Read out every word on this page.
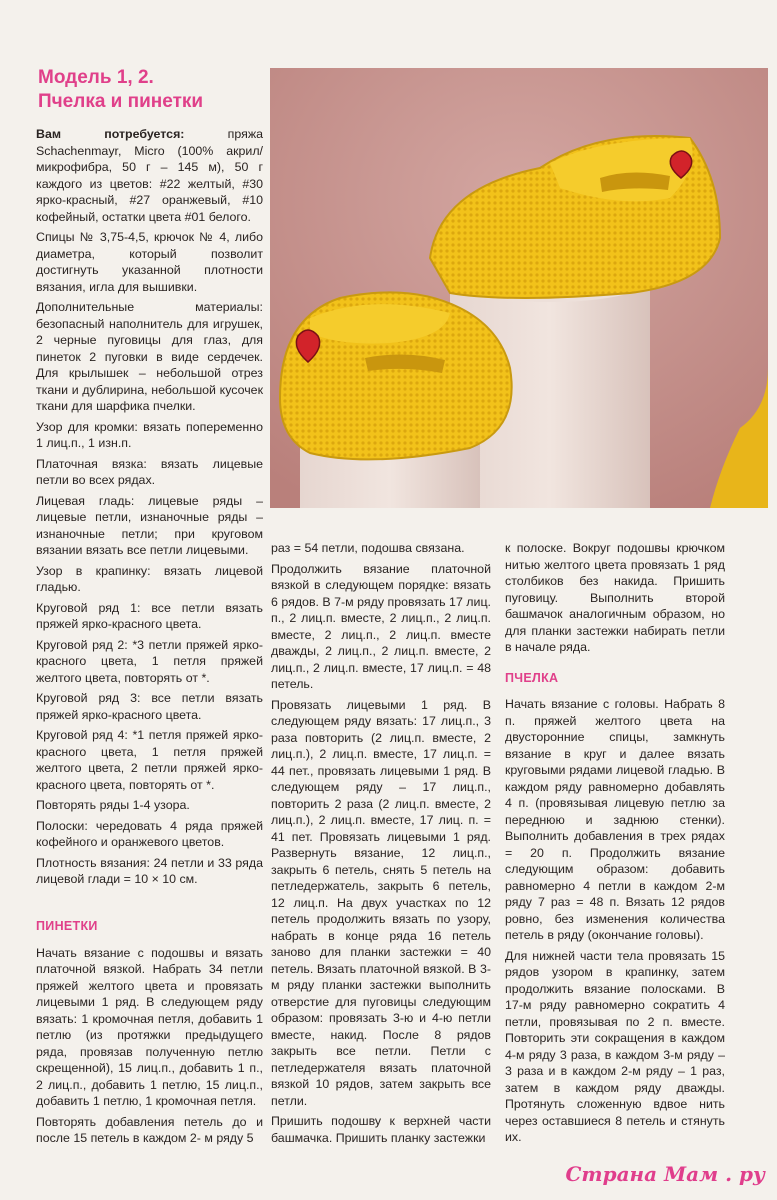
Модель 1, 2.
Пчелка и пинетки

Вам потребуется: пряжа Schachenmayr, Micro (100% акрил/микрофибра, 50 г – 145 м), 50 г каждого из цветов: #22 желтый, #30 ярко-красный, #27 оранжевый, #10 кофейный, остатки цвета #01 белого.

Спицы № 3,75-4,5, крючок № 4, либо диаметра, который позволит достигнуть указанной плотности вязания, игла для вышивки.

Дополнительные материалы: безопасный наполнитель для игрушек, 2 черные пуговицы для глаз, для пинеток 2 пуговки в виде сердечек. Для крылышек – небольшой отрез ткани и дублирина, небольшой кусочек ткани для шарфика пчелки.

Узор для кромки: вязать попеременно 1 лиц.п., 1 изн.п.

Платочная вязка: вязать лицевые петли во всех рядах.

Лицевая гладь: лицевые ряды – лицевые петли, изнаночные ряды – изнаночные петли; при круговом вязании вязать все петли лицевыми.

Узор в крапинку: вязать лицевой гладью.

Круговой ряд 1: все петли вязать пряжей ярко-красного цвета.

Круговой ряд 2: *3 петли пряжей ярко-красного цвета, 1 петля пряжей желтого цвета, повторять от *.

Круговой ряд 3: все петли вязать пряжей ярко-красного цвета.

Круговой ряд 4: *1 петля пряжей ярко-красного цвета, 1 петля пряжей желтого цвета, 2 петли пряжей ярко-красного цвета, повторять от *.

Повторять ряды 1-4 узора.

Полоски: чередовать 4 ряда пряжей кофейного и оранжевого цветов.

Плотность вязания: 24 петли и 33 ряда лицевой глади = 10 × 10 см.

ПИНЕТКИ

Начать вязание с подошвы и вязать платочной вязкой. Набрать 34 петли пряжей желтого цвета и провязать лицевыми 1 ряд. В следующем ряду вязать: 1 кромочная петля, добавить 1 петлю (из протяжки предыдущего ряда, провязав полученную петлю скрещенной), 15 лиц.п., добавить 1 п., 2 лиц.п., добавить 1 петлю, 15 лиц.п., добавить 1 петлю, 1 кромочная петля.

Повторять добавления петель до и после 15 петель в каждом 2- м ряду 5

раз = 54 петли, подошва связана.

Продолжить вязание платочной вязкой в следующем порядке: вязать 6 рядов. В 7-м ряду провязать 17 лиц. п., 2 лиц.п. вместе, 2 лиц.п., 2 лиц.п. вместе, 2 лиц.п., 2 лиц.п. вместе дважды, 2 лиц.п., 2 лиц.п. вместе, 2 лиц.п., 2 лиц.п. вместе, 17 лиц.п. = 48 петель.

Провязать лицевыми 1 ряд. В следующем ряду вязать: 17 лиц.п., 3 раза повторить (2 лиц.п. вместе, 2 лиц.п.), 2 лиц.п. вместе, 17 лиц.п. = 44 пет., провязать лицевыми 1 ряд. В следующем ряду – 17 лиц.п., повторить 2 раза (2 лиц.п. вместе, 2 лиц.п.), 2 лиц.п. вместе, 17 лиц. п. = 41 пет. Провязать лицевыми 1 ряд. Развернуть вязание, 12 лиц.п., закрыть 6 петель, снять 5 петель на петледержатель, закрыть 6 петель, 12 лиц.п. На двух участках по 12 петель продолжить вязать по узору, набрать в конце ряда 16 петель заново для планки застежки = 40 петель. Вязать платочной вязкой. В 3-м ряду планки застежки выполнить отверстие для пуговицы следующим образом: провязать 3-ю и 4-ю петли вместе, накид. После 8 рядов закрыть все петли. Петли с петледержателя вязать платочной вязкой 10 рядов, затем закрыть все петли.

Пришить подошву к верхней части башмачка. Пришить планку застежки

к полоске. Вокруг подошвы крючком нитью желтого цвета провязать 1 ряд столбиков без накида. Пришить пуговицу. Выполнить второй башмачок аналогичным образом, но для планки застежки набирать петли в начале ряда.

ПЧЕЛКА

Начать вязание с головы. Набрать 8 п. пряжей желтого цвета на двусторонние спицы, замкнуть вязание в круг и далее вязать круговыми рядами лицевой гладью. В каждом ряду равномерно добавлять 4 п. (провязывая лицевую петлю за переднюю и заднюю стенки). Выполнить добавления в трех рядах = 20 п. Продолжить вязание следующим образом: добавить равномерно 4 петли в каждом 2-м ряду 7 раз = 48 п. Вязать 12 рядов ровно, без изменения количества петель в ряду (окончание головы).

Для нижней части тела провязать 15 рядов узором в крапинку, затем продолжить вязание полосками. В 17-м ряду равномерно сократить 4 петли, провязывая по 2 п. вместе. Повторить эти сокращения в каждом 4-м ряду 3 раза, в каждом 3-м ряду – 3 раза и в каждом 2-м ряду – 1 раз, затем в каждом ряду дважды. Протянуть сложенную вдвое нить через оставшиеся 8 петель и стянуть их.

Страна Мам . ру
